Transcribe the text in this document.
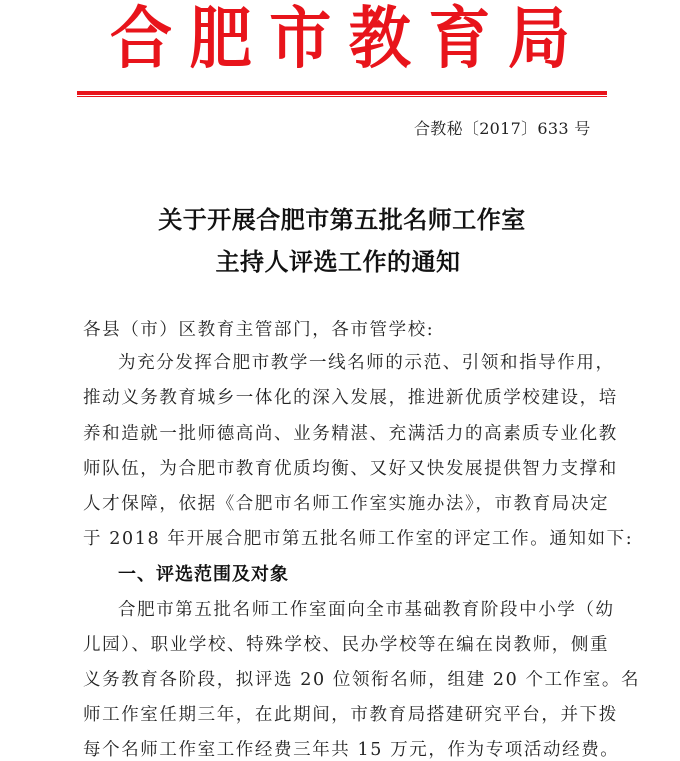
合 肥 市 教 育 局
合教秘〔2017〕633 号
关于开展合肥市第五批名师工作室
主持人评选工作的通知
各县（市）区教育主管部门，各市管学校:
为充分发挥合肥市教学一线名师的示范、引领和指导作用，
推动义务教育城乡一体化的深入发展，推进新优质学校建设，培
养和造就一批师德高尚、业务精湛、充满活力的高素质专业化教
师队伍，为合肥市教育优质均衡、又好又快发展提供智力支撑和
人才保障，依据《合肥市名师工作室实施办法》，市教育局决定
于 2018 年开展合肥市第五批名师工作室的评定工作。通知如下:
一、评选范围及对象
合肥市第五批名师工作室面向全市基础教育阶段中小学（幼
儿园）、职业学校、特殊学校、民办学校等在编在岗教师，侧重
义务教育各阶段，拟评选 20 位领衔名师，组建 20 个工作室。名
师工作室任期三年，在此期间，市教育局搭建研究平台，并下拨
每个名师工作室工作经费三年共 15 万元，作为专项活动经费。
